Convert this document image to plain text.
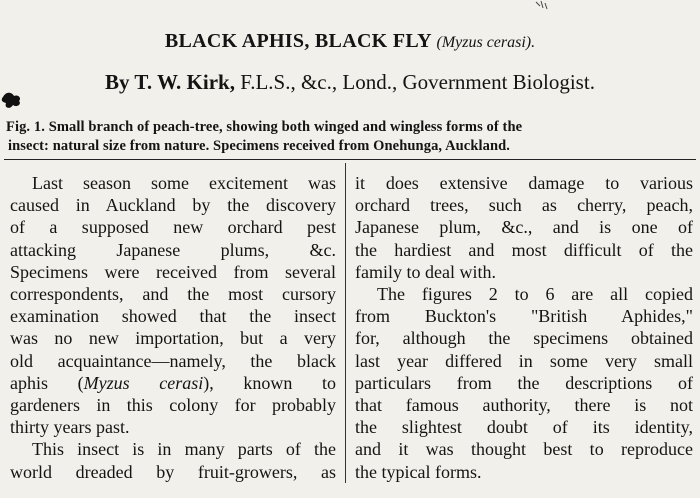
BLACK APHIS, BLACK FLY (Myzus cerasi).
By T. W. Kirk, F.L.S., &c., Lond., Government Biologist.
Fig. 1. Small branch of peach-tree, showing both winged and wingless forms of the
insect: natural size from nature. Specimens received from Onehunga, Auckland.
Last season some excitement was
caused in Auckland by the discovery
of a supposed new orchard pest
attacking Japanese plums, &c.
Specimens were received from several
correspondents, and the most cursory
examination showed that the insect
was no new importation, but a very
old acquaintance—namely, the black
aphis (Myzus cerasi), known to
gardeners in this colony for probably
thirty years past.
This insect is in many parts of the
world dreaded by fruit-growers, as
it does extensive damage to various
orchard trees, such as cherry, peach,
Japanese plum, &c., and is one of
the hardiest and most difficult of the
family to deal with.
The figures 2 to 6 are all copied
from Buckton's "British Aphides,"
for, although the specimens obtained
last year differed in some very small
particulars from the descriptions of
that famous authority, there is not
the slightest doubt of its identity,
and it was thought best to reproduce
the typical forms.
